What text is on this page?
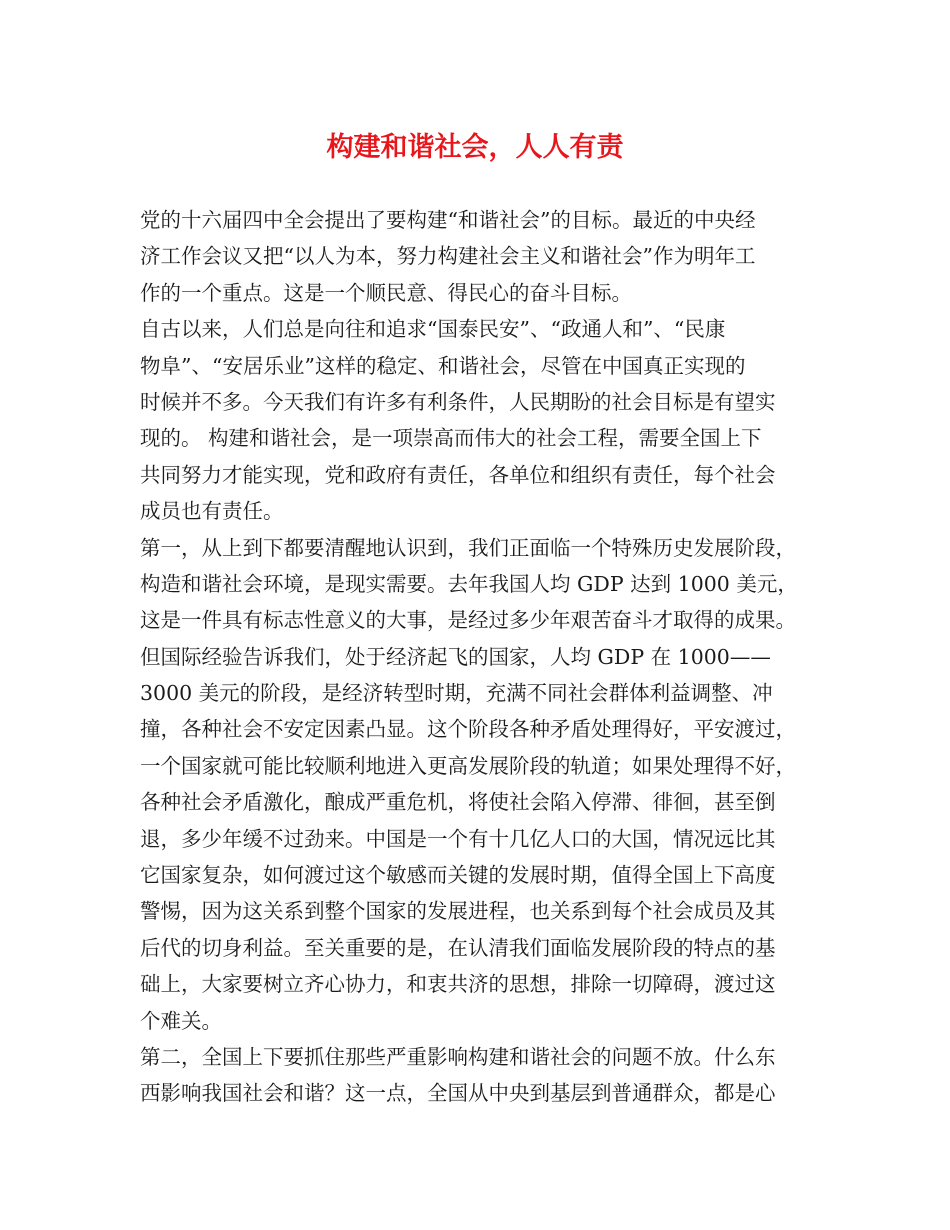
构建和谐社会，人人有责
党的十六届四中全会提出了要构建“和谐社会”的目标。最近的中央经
济工作会议又把“以人为本，努力构建社会主义和谐社会”作为明年工
作的一个重点。这是一个顺民意、得民心的奋斗目标。
自古以来，人们总是向往和追求“国泰民安”、“政通人和”、“民康
物阜”、“安居乐业”这样的稳定、和谐社会，尽管在中国真正实现的
时候并不多。今天我们有许多有利条件，人民期盼的社会目标是有望实
现的。 构建和谐社会，是一项崇高而伟大的社会工程，需要全国上下
共同努力才能实现，党和政府有责任，各单位和组织有责任，每个社会
成员也有责任。
第一，从上到下都要清醒地认识到，我们正面临一个特殊历史发展阶段，
构造和谐社会环境，是现实需要。去年我国人均 GDP 达到 1000 美元，
这是一件具有标志性意义的大事，是经过多少年艰苦奋斗才取得的成果。
但国际经验告诉我们，处于经济起飞的国家，人均 GDP 在 1000——
3000 美元的阶段，是经济转型时期，充满不同社会群体利益调整、冲
撞，各种社会不安定因素凸显。这个阶段各种矛盾处理得好，平安渡过，
一个国家就可能比较顺利地进入更高发展阶段的轨道；如果处理得不好，
各种社会矛盾激化，酿成严重危机，将使社会陷入停滞、徘徊，甚至倒
退，多少年缓不过劲来。中国是一个有十几亿人口的大国，情况远比其
它国家复杂，如何渡过这个敏感而关键的发展时期，值得全国上下高度
警惕，因为这关系到整个国家的发展进程，也关系到每个社会成员及其
后代的切身利益。至关重要的是，在认清我们面临发展阶段的特点的基
础上，大家要树立齐心协力，和衷共济的思想，排除一切障碍，渡过这
个难关。
第二，全国上下要抓住那些严重影响构建和谐社会的问题不放。什么东
西影响我国社会和谐？这一点，全国从中央到基层到普通群众，都是心
